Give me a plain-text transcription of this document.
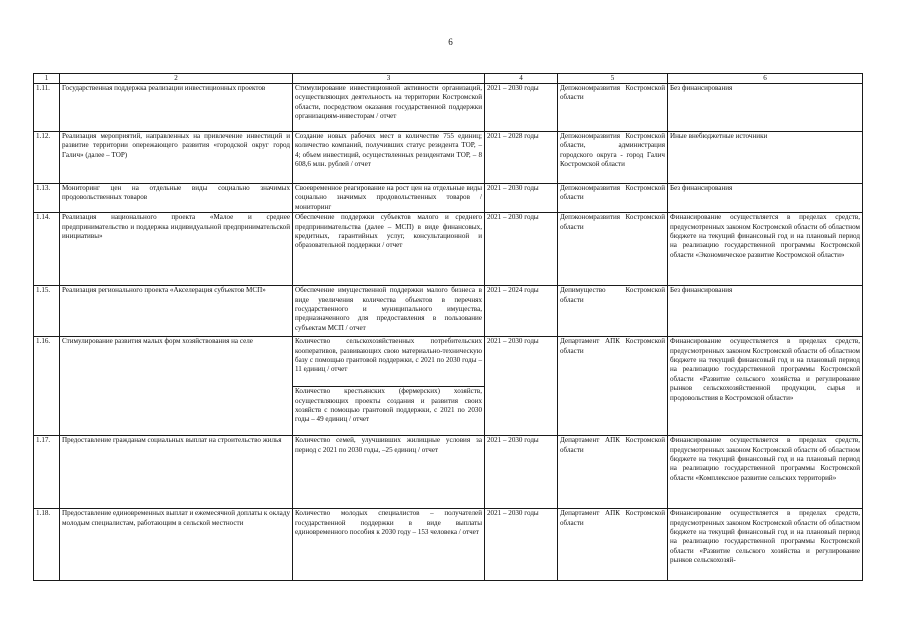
6
1	2	3	4	5	6
1.11.	Государственная поддержка реализации инвестиционных проектов	Стимулирование инвестиционной активности организаций, осуществляющих деятельность на территории Костромской области, посредством оказания государственной поддержки организациям-инвесторам / отчет	2021 – 2030 годы	Депэкономразвития Костромской области	Без финансирования
1.12.	Реализация мероприятий, направленных на привлечение инвестиций и развитие территории опережающего развития «городской округ город Галич» (далее – ТОР)	Создание новых рабочих мест в количестве 755 единиц; количество компаний, получивших статус резидента ТОР, – 4; объем инвестиций, осуществленных резидентами ТОР, – 8 608,6 млн. рублей / отчет	2021 – 2028 годы	Депэкономразвития Костромской области, администрация городского округа - город Галич Костромской области	Иные внебюджетные источники
1.13.	Мониторинг цен на отдельные виды социально значимых продовольственных товаров	Своевременное реагирование на рост цен на отдельные виды социально значимых продовольственных товаров / мониторинг	2021 – 2030 годы	Депэкономразвития Костромской области	Без финансирования
1.14.	Реализация национального проекта «Малое и среднее предпринимательство и поддержка индивидуальной предпринимательской инициативы»	Обеспечение поддержки субъектов малого и среднего предпринимательства (далее – МСП) в виде финансовых, кредитных, гарантийных услуг, консультационной и образовательной поддержки / отчет	2021 – 2030 годы	Депэкономразвития Костромской области	Финансирование осуществляется в пределах средств, предусмотренных законом Костромской области об областном бюджете на текущий финансовый год и на плановый период на реализацию государственной программы Костромской области «Экономическое развитие Костромской области»
1.15.	Реализация регионального проекта «Акселерация субъектов МСП»	Обеспечение имущественной поддержки малого бизнеса в виде увеличения количества объектов в перечнях государственного и муниципального имущества, предназначенного для предоставления в пользование субъектам МСП / отчет	2021 – 2024 годы	Депимущество Костромской области	Без финансирования
1.16.	Стимулирование развития малых форм хозяйствования на селе	Количество сельскохозяйственных потребительских кооперативов, развивающих свою материально-техническую базу с помощью грантовой поддержки, с 2021 по 2030 годы –11 единиц / отчет	2021 – 2030 годы	Департамент АПК Костромской области	Финансирование осуществляется в пределах средств, предусмотренных законом Костромской области об областном бюджете на текущий финансовый год и на плановый период на реализацию государственной программы Костромской области «Развитие сельского хозяйства и регулирование рынков сельскохозяйственной продукции, сырья и продовольствия в Костромской области»
		Количество крестьянских (фермерских) хозяйств, осуществляющих проекты создания и развития своих хозяйств с помощью грантовой поддержки, с 2021 по 2030 годы – 49 единиц / отчет			
1.17.	Предоставление гражданам социальных выплат на строительство жилья	Количество семей, улучшивших жилищные условия за период с 2021 по 2030 годы, –25 единиц / отчет	2021 – 2030 годы	Департамент АПК Костромской области	Финансирование осуществляется в пределах средств, предусмотренных законом Костромской области об областном бюджете на текущий финансовый год и на плановый период на реализацию государственной программы Костромской области «Комплексное развитие сельских территорий»
1.18.	Предоставление единовременных выплат и ежемесячной доплаты к окладу молодым специалистам, работающим в сельской местности	Количество молодых специалистов – получателей государственной поддержки в виде выплаты единовременного пособия к 2030 году – 153 человека / отчет	2021 – 2030 годы	Департамент АПК Костромской области	Финансирование осуществляется в пределах средств, предусмотренных законом Костромской области об областном бюджете на текущий финансовый год и на плановый период на реализацию государственной программы Костромской области «Развитие сельского хозяйства и регулирование рынков сельскохозяй-
